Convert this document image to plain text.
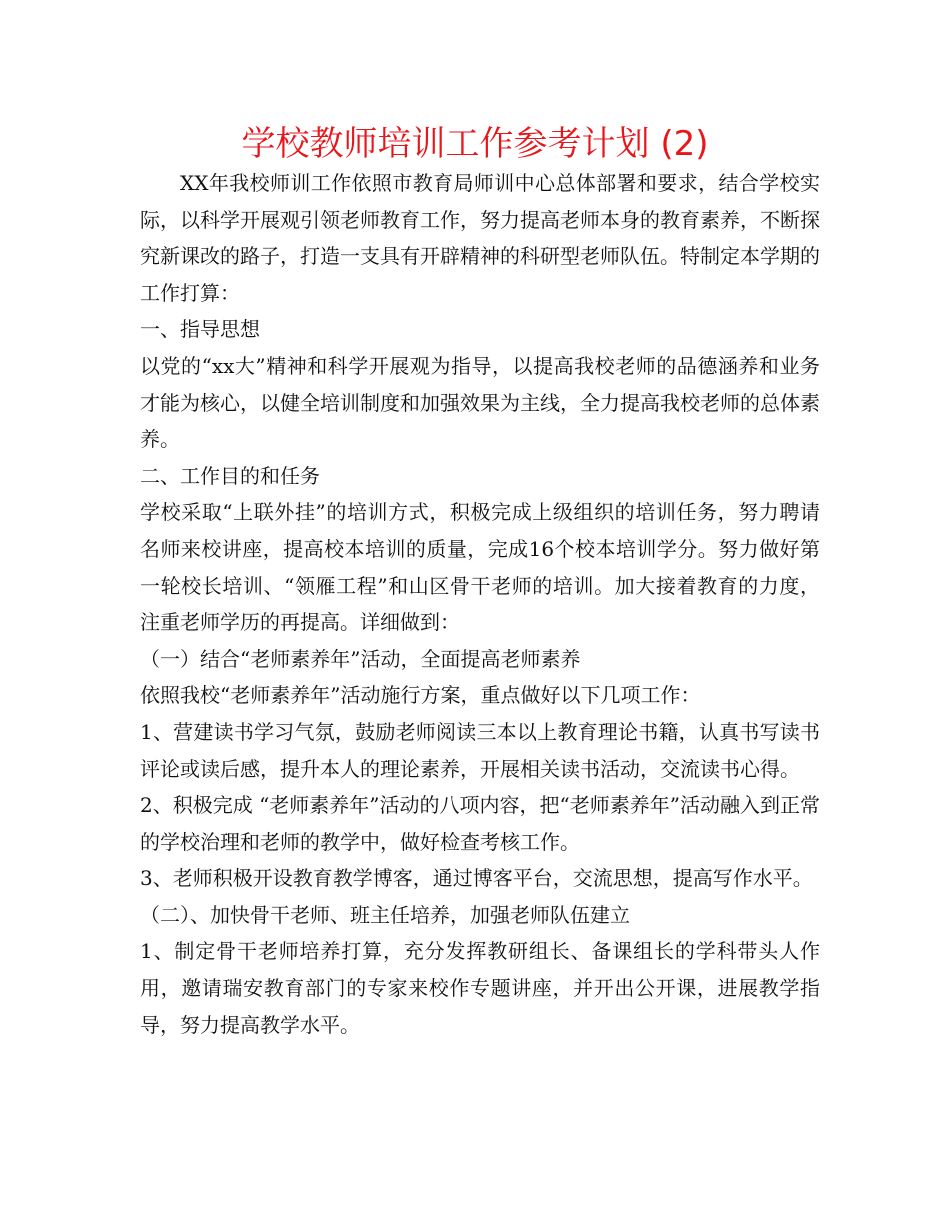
学校教师培训工作参考计划 (2)

XX年我校师训工作依照市教育局师训中心总体部署和要求，结合学校实际，以科学开展观引领老师教育工作，努力提高老师本身的教育素养，不断探究新课改的路子，打造一支具有开辟精神的科研型老师队伍。特制定本学期的工作打算：

一、指导思想

以党的“xx大”精神和科学开展观为指导，以提高我校老师的品德涵养和业务才能为核心，以健全培训制度和加强效果为主线，全力提高我校老师的总体素养。

二、工作目的和任务

学校采取“上联外挂”的培训方式，积极完成上级组织的培训任务，努力聘请名师来校讲座，提高校本培训的质量，完成16个校本培训学分。努力做好第一轮校长培训、“领雁工程”和山区骨干老师的培训。加大接着教育的力度，注重老师学历的再提高。详细做到：

（一）结合“老师素养年”活动，全面提高老师素养

依照我校“老师素养年”活动施行方案，重点做好以下几项工作：

1、营建读书学习气氛，鼓励老师阅读三本以上教育理论书籍，认真书写读书评论或读后感，提升本人的理论素养，开展相关读书活动，交流读书心得。

2、积极完成 “老师素养年”活动的八项内容，把“老师素养年”活动融入到正常的学校治理和老师的教学中，做好检查考核工作。

3、老师积极开设教育教学博客，通过博客平台，交流思想，提高写作水平。

（二）、加快骨干老师、班主任培养，加强老师队伍建立

1、制定骨干老师培养打算，充分发挥教研组长、备课组长的学科带头人作用，邀请瑞安教育部门的专家来校作专题讲座，并开出公开课，进展教学指导，努力提高教学水平。
